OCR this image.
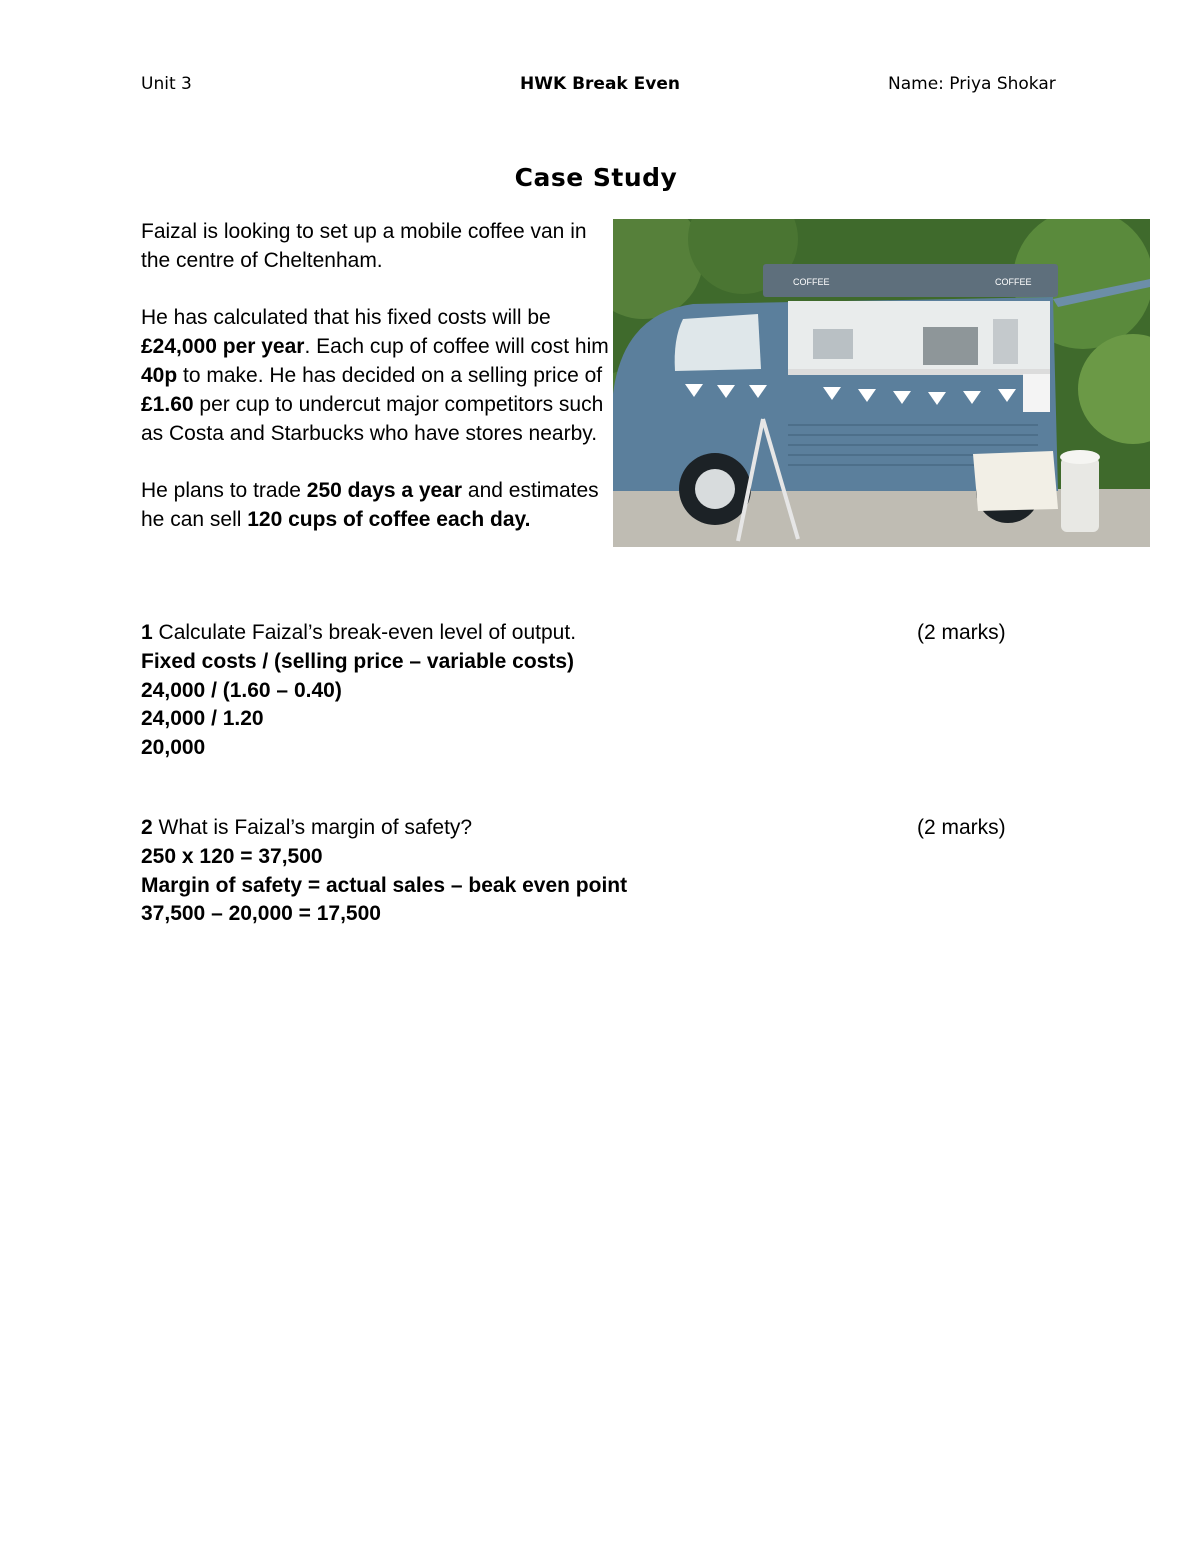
Unit 3	HWK Break Even	Name: Priya Shokar
Case Study

Faizal is looking to set up a mobile coffee van in the centre of Cheltenham.

He has calculated that his fixed costs will be £24,000 per year. Each cup of coffee will cost him 40p to make. He has decided on a selling price of £1.60 per cup to undercut major competitors such as Costa and Starbucks who have stores nearby.

He plans to trade 250 days a year and estimates he can sell 120 cups of coffee each day.

COFFEE	COFFEE
1 Calculate Faizal’s break-even level of output.	(2 marks)
Fixed costs / (selling price – variable costs)
24,000 / (1.60 – 0.40)
24,000 / 1.20
20,000
2 What is Faizal’s margin of safety?	(2 marks)
250 x 120 = 37,500
Margin of safety = actual sales – beak even point
37,500 – 20,000 = 17,500
